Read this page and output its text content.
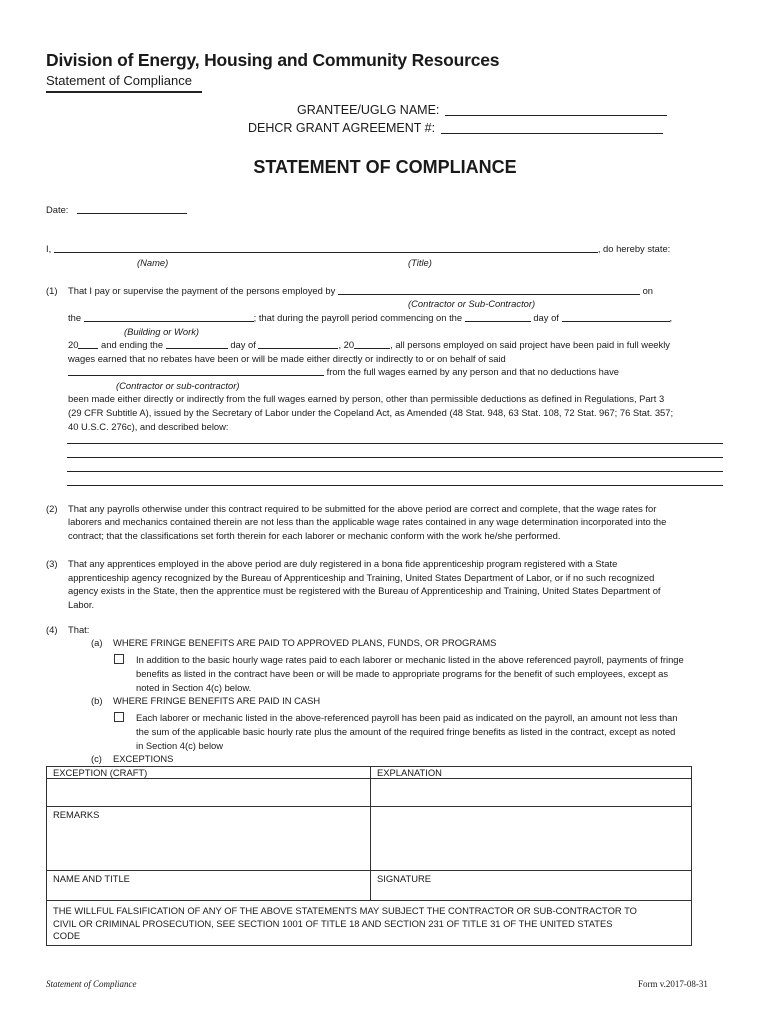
Division of Energy, Housing and Community Resources
Statement of Compliance
GRANTEE/UGLG NAME:
DEHCR GRANT AGREEMENT #:
STATEMENT OF COMPLIANCE
Date:
I,	, do hereby state:
(Name)	(Title)
(1) That I pay or supervise the payment of the persons employed by	on
(Contractor or Sub-Contractor)
the	; that during the payroll period commencing on the	day of	,
(Building or Work)
20 and ending the	day of	, 20	, all persons employed on said project have been paid in full weekly
wages earned that no rebates have been or will be made either directly or indirectly to or on behalf of said
from the full wages earned by any person and that no deductions have
(Contractor or sub-contractor)
been made either directly or indirectly from the full wages earned by person, other than permissible deductions as defined in Regulations, Part 3
(29 CFR Subtitle A), issued by the Secretary of Labor under the Copeland Act, as Amended (48 Stat. 948, 63 Stat. 108, 72 Stat. 967; 76 Stat. 357;
40 U.S.C. 276c), and described below:
(2) That any payrolls otherwise under this contract required to be submitted for the above period are correct and complete, that the wage rates for
laborers and mechanics contained therein are not less than the applicable wage rates contained in any wage determination incorporated into the
contract; that the classifications set forth therein for each laborer or mechanic conform with the work he/she performed.
(3) That any apprentices employed in the above period are duly registered in a bona fide apprenticeship program registered with a State
apprenticeship agency recognized by the Bureau of Apprenticeship and Training, United States Department of Labor, or if no such recognized
agency exists in the State, then the apprentice must be registered with the Bureau of Apprenticeship and Training, United States Department of
Labor.
(4) That:
(a) WHERE FRINGE BENEFITS ARE PAID TO APPROVED PLANS, FUNDS, OR PROGRAMS
In addition to the basic hourly wage rates paid to each laborer or mechanic listed in the above referenced payroll, payments of fringe
benefits as listed in the contract have been or will be made to appropriate programs for the benefit of such employees, except as
noted in Section 4(c) below.
(b) WHERE FRINGE BENEFITS ARE PAID IN CASH
Each laborer or mechanic listed in the above-referenced payroll has been paid as indicated on the payroll, an amount not less than
the sum of the applicable basic hourly rate plus the amount of the required fringe benefits as listed in the contract, except as noted
in Section 4(c) below
(c) EXCEPTIONS
EXCEPTION (CRAFT)	EXPLANATION

REMARKS	
NAME AND TITLE	SIGNATURE

THE WILLFUL FALSIFICATION OF ANY OF THE ABOVE STATEMENTS MAY SUBJECT THE CONTRACTOR OR SUB-CONTRACTOR TO
CIVIL OR CRIMINAL PROSECUTION, SEE SECTION 1001 OF TITLE 18 AND SECTION 231 OF TITLE 31 OF THE UNITED STATES
CODE	
Statement of Compliance	Form v.2017-08-31
